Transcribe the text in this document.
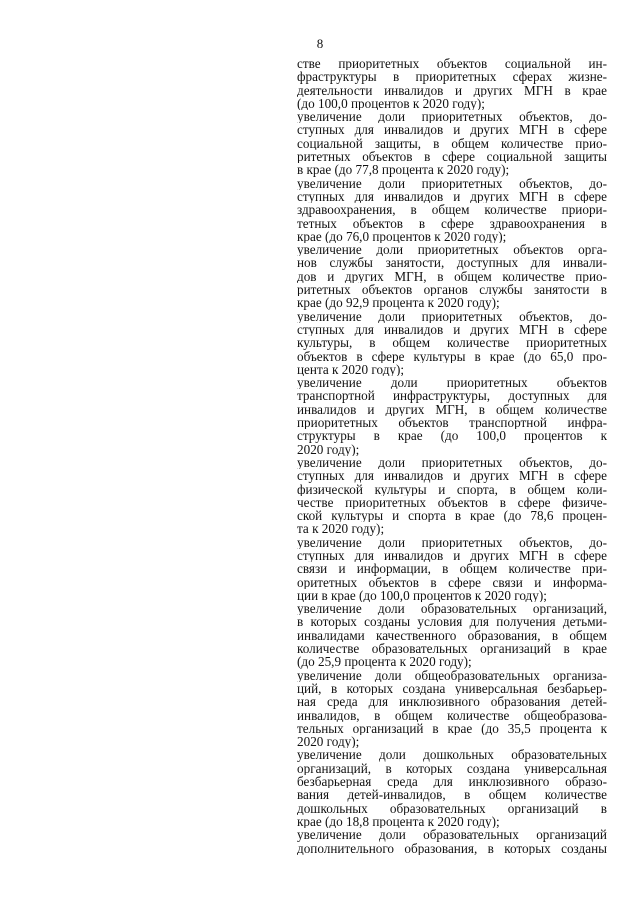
8
стве приоритетных объектов социальной ин-
фраструктуры в приоритетных сферах жизне-
деятельности инвалидов и других МГН в крае
(до 100,0 процентов к 2020 году);
увеличение доли приоритетных объектов, до-
ступных для инвалидов и других МГН в сфере
социальной защиты, в общем количестве прио-
ритетных объектов в сфере социальной защиты
в крае (до 77,8 процента к 2020 году);
увеличение доли приоритетных объектов, до-
ступных для инвалидов и других МГН в сфере
здравоохранения, в общем количестве приори-
тетных объектов в сфере здравоохранения в
крае (до 76,0 процентов к 2020 году);
увеличение доли приоритетных объектов орга-
нов службы занятости, доступных для инвали-
дов и других МГН, в общем количестве прио-
ритетных объектов органов службы занятости в
крае (до 92,9 процента к 2020 году);
увеличение доли приоритетных объектов, до-
ступных для инвалидов и других МГН в сфере
культуры, в общем количестве приоритетных
объектов в сфере культуры в крае (до 65,0 про-
цента к 2020 году);
увеличение доли приоритетных объектов
транспортной инфраструктуры, доступных для
инвалидов и других МГН, в общем количестве
приоритетных объектов транспортной инфра-
структуры в крае (до 100,0 процентов к
2020 году);
увеличение доли приоритетных объектов, до-
ступных для инвалидов и других МГН в сфере
физической культуры и спорта, в общем коли-
честве приоритетных объектов в сфере физиче-
ской культуры и спорта в крае (до 78,6 процен-
та к 2020 году);
увеличение доли приоритетных объектов, до-
ступных для инвалидов и других МГН в сфере
связи и информации, в общем количестве при-
оритетных объектов в сфере связи и информа-
ции в крае (до 100,0 процентов к 2020 году);
увеличение доли образовательных организаций,
в которых созданы условия для получения детьми-
инвалидами качественного образования, в общем
количестве образовательных организаций в крае
(до 25,9 процента к 2020 году);
увеличение доли общеобразовательных организа-
ций, в которых создана универсальная безбарьер-
ная среда для инклюзивного образования детей-
инвалидов, в общем количестве общеобразова-
тельных организаций в крае (до 35,5 процента к
2020 году);
увеличение доли дошкольных образовательных
организаций, в которых создана универсальная
безбарьерная среда для инклюзивного образо-
вания детей-инвалидов, в общем количестве
дошкольных образовательных организаций в
крае (до 18,8 процента к 2020 году);
увеличение доли образовательных организаций
дополнительного образования, в которых созданы
